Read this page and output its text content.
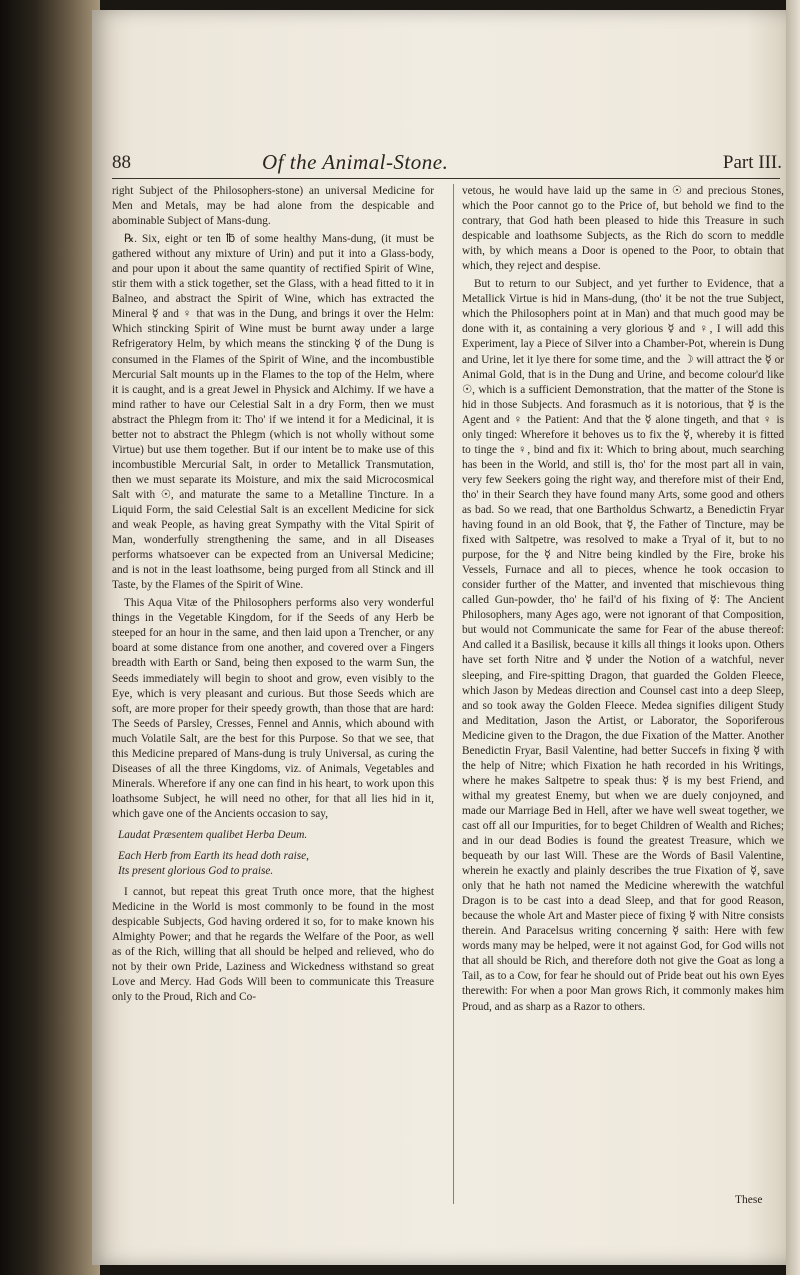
88	Of the Animal-Stone.	Part III.

right Subject of the Philosophers-stone) an universal Medicine for Men and Metals, may be had alone from the despicable and abominable Subject of Mans-dung.

℞. Six, eight or ten ℔ of some healthy Mans-dung, (it must be gathered without any mixture of Urin) and put it into a Glass-body, and pour upon it about the same quantity of rectified Spirit of Wine, stir them with a stick together, set the Glass, with a head fitted to it in Balneo, and abstract the Spirit of Wine, which has extracted the Mineral ☿ and ♀ that was in the Dung, and brings it over the Helm: Which stincking Spirit of Wine must be burnt away under a large Refrigeratory Helm, by which means the stincking ☿ of the Dung is consumed in the Flames of the Spirit of Wine, and the incombustible Mercurial Salt mounts up in the Flames to the top of the Helm, where it is caught, and is a great Jewel in Physick and Alchimy. If we have a mind rather to have our Celestial Salt in a dry Form, then we must abstract the Phlegm from it: Tho' if we intend it for a Medicinal, it is better not to abstract the Phlegm (which is not wholly without some Virtue) but use them together. But if our intent be to make use of this incombustible Mercurial Salt, in order to Metallick Transmutation, then we must separate its Moisture, and mix the said Microcosmical Salt with ☉, and maturate the same to a Metalline Tincture. In a Liquid Form, the said Celestial Salt is an excellent Medicine for sick and weak People, as having great Sympathy with the Vital Spirit of Man, wonderfully strengthening the same, and in all Diseases performs whatsoever can be expected from an Universal Medicine; and is not in the least loathsome, being purged from all Stinck and ill Taste, by the Flames of the Spirit of Wine.

This Aqua Vitæ of the Philosophers performs also very wonderful things in the Vegetable Kingdom, for if the Seeds of any Herb be steeped for an hour in the same, and then laid upon a Trencher, or any board at some distance from one another, and covered over a Fingers breadth with Earth or Sand, being then exposed to the warm Sun, the Seeds immediately will begin to shoot and grow, even visibly to the Eye, which is very pleasant and curious. But those Seeds which are soft, are more proper for their speedy growth, than those that are hard: The Seeds of Parsley, Cresses, Fennel and Annis, which abound with much Volatile Salt, are the best for this Purpose. So that we see, that this Medicine prepared of Mans-dung is truly Universal, as curing the Diseases of all the three Kingdoms, viz. of Animals, Vegetables and Minerals. Wherefore if any one can find in his heart, to work upon this loathsome Subject, he will need no other, for that all lies hid in it, which gave one of the Ancients occasion to say,

Laudat Præsentem qualibet Herba Deum.

Each Herb from Earth its head doth raise,

Its present glorious God to praise.

I cannot, but repeat this great Truth once more, that the highest Medicine in the World is most commonly to be found in the most despicable Subjects, God having ordered it so, for to make known his Almighty Power; and that he regards the Welfare of the Poor, as well as of the Rich, willing that all should be helped and relieved, who do not by their own Pride, Laziness and Wickedness withstand so great Love and Mercy. Had Gods Will been to communicate this Treasure only to the Proud, Rich and Co-

vetous, he would have laid up the same in ☉ and precious Stones, which the Poor cannot go to the Price of, but behold we find to the contrary, that God hath been pleased to hide this Treasure in such despicable and loathsome Subjects, as the Rich do scorn to meddle with, by which means a Door is opened to the Poor, to obtain that which, they reject and despise.

But to return to our Subject, and yet further to Evidence, that a Metallick Virtue is hid in Mans-dung, (tho' it be not the true Subject, which the Philosophers point at in Man) and that much good may be done with it, as containing a very glorious ☿ and ♀, I will add this Experiment, lay a Piece of Silver into a Chamber-Pot, wherein is Dung and Urine, let it lye there for some time, and the ☽ will attract the ☿ or Animal Gold, that is in the Dung and Urine, and become colour'd like ☉, which is a sufficient Demonstration, that the matter of the Stone is hid in those Subjects. And forasmuch as it is notorious, that ☿ is the Agent and ♀ the Patient: And that the ☿ alone tingeth, and that ♀ is only tinged: Wherefore it behoves us to fix the ☿, whereby it is fitted to tinge the ♀, bind and fix it: Which to bring about, much searching has been in the World, and still is, tho' for the most part all in vain, very few Seekers going the right way, and therefore mist of their End, tho' in their Search they have found many Arts, some good and others as bad. So we read, that one Bartholdus Schwartz, a Benedictin Fryar having found in an old Book, that ☿, the Father of Tincture, may be fixed with Saltpetre, was resolved to make a Tryal of it, but to no purpose, for the ☿ and Nitre being kindled by the Fire, broke his Vessels, Furnace and all to pieces, whence he took occasion to consider further of the Matter, and invented that mischievous thing called Gun-powder, tho' he fail'd of his fixing of ☿: The Ancient Philosophers, many Ages ago, were not ignorant of that Composition, but would not Communicate the same for Fear of the abuse thereof: And called it a Basilisk, because it kills all things it looks upon. Others have set forth Nitre and ☿ under the Notion of a watchful, never sleeping, and Fire-spitting Dragon, that guarded the Golden Fleece, which Jason by Medeas direction and Counsel cast into a deep Sleep, and so took away the Golden Fleece. Medea signifies diligent Study and Meditation, Jason the Artist, or Laborator, the Soporiferous Medicine given to the Dragon, the due Fixation of the Matter. Another Benedictin Fryar, Basil Valentine, had better Succefs in fixing ☿ with the help of Nitre; which Fixation he hath recorded in his Writings, where he makes Saltpetre to speak thus: ☿ is my best Friend, and withal my greatest Enemy, but when we are duely conjoyned, and made our Marriage Bed in Hell, after we have well sweat together, we cast off all our Impurities, for to beget Children of Wealth and Riches; and in our dead Bodies is found the greatest Treasure, which we bequeath by our last Will. These are the Words of Basil Valentine, wherein he exactly and plainly describes the true Fixation of ☿, save only that he hath not named the Medicine wherewith the watchful Dragon is to be cast into a dead Sleep, and that for good Reason, because the whole Art and Master piece of fixing ☿ with Nitre consists therein. And Paracelsus writing concerning ☿ saith: Here with few words many may be helped, were it not against God, for God wills not that all should be Rich, and therefore doth not give the Goat as long a Tail, as to a Cow, for fear he should out of Pride beat out his own Eyes therewith: For when a poor Man grows Rich, it commonly makes him Proud, and as sharp as a Razor to others.

These
